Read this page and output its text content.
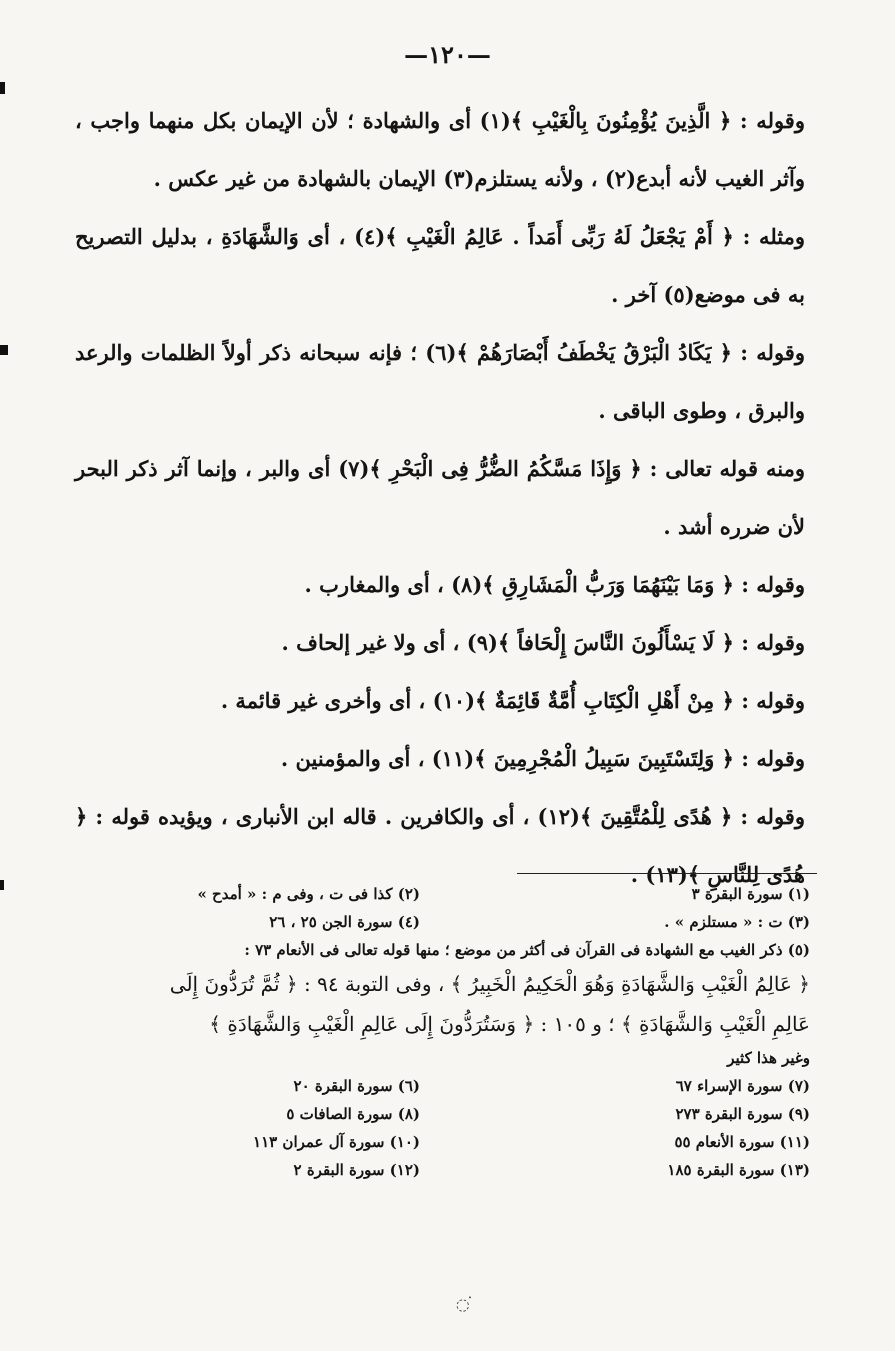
—١٢٠—

وقوله : ﴿ الَّذِينَ يُؤْمِنُونَ بِالْغَيْبِ ﴾(١) أى والشهادة ؛ لأن الإيمان بكل منهما واجب ، وآثر الغيب لأنه أبدع(٢) ، ولأنه يستلزم(٣) الإيمان بالشهادة من غير عكس .

ومثله : ﴿ أَمْ يَجْعَلُ لَهُ رَبِّى أَمَداً . عَالِمُ الْغَيْبِ ﴾(٤) ، أى وَالشَّهَادَةِ ، بدليل التصريح به فى موضع(٥) آخر .

وقوله : ﴿ يَكَادُ الْبَرْقُ يَخْطَفُ أَبْصَارَهُمْ ﴾(٦) ؛ فإنه سبحانه ذكر أولاً الظلمات والرعد والبرق ، وطوى الباقى .

ومنه قوله تعالى : ﴿ وَإِذَا مَسَّكُمُ الضُّرُّ فِى الْبَحْرِ ﴾(٧) أى والبر ، وإنما آثر ذكر البحر لأن ضرره أشد .

وقوله : ﴿ وَمَا بَيْنَهُمَا وَرَبُّ الْمَشَارِقِ ﴾(٨) ، أى والمغارب .

وقوله : ﴿ لَا يَسْأَلُونَ النَّاسَ إِلْحَافاً ﴾(٩) ، أى ولا غير إلحاف .

وقوله : ﴿ مِنْ أَهْلِ الْكِتَابِ أُمَّةٌ قَائِمَةٌ ﴾(١٠) ، أى وأخرى غير قائمة .

وقوله : ﴿ وَلِتَسْتَبِينَ سَبِيلُ الْمُجْرِمِينَ ﴾(١١) ، أى والمؤمنين .

وقوله : ﴿ هُدًى لِلْمُتَّقِينَ ﴾(١٢) ، أى والكافرين . قاله ابن الأنبارى ، ويؤيده قوله : ﴿ هُدًى لِلنَّاسِ ﴾(١٣) .

(١) سورة البقرة ٣
(٢) كذا فى ت ، وفى م : « أمدح »
(٣) ت : « مستلزم » .
(٤) سورة الجن ٢٥ ، ٢٦
(٥) ذكر الغيب مع الشهادة فى القرآن فى أكثر من موضع ؛ منها قوله تعالى فى الأنعام ٧٣ :
﴿ عَالِمُ الْغَيْبِ وَالشَّهَادَةِ وَهُوَ الْحَكِيمُ الْخَبِيرُ ﴾ ، وفى التوبة ٩٤ : ﴿ ثُمَّ تُرَدُّونَ إِلَى
عَالِمِ الْغَيْبِ وَالشَّهَادَةِ ﴾ ؛ و ١٠٥ : ﴿ وَسَتُرَدُّونَ إِلَى عَالِمِ الْغَيْبِ وَالشَّهَادَةِ ﴾
وغير هذا كثير
(٧) سورة الإسراء ٦٧
(٦) سورة البقرة ٢٠
(٩) سورة البقرة ٢٧٣
(٨) سورة الصافات ٥
(١١) سورة الأنعام ٥٥
(١٠) سورة آل عمران ١١٣
(١٣) سورة البقرة ١٨٥
(١٢) سورة البقرة ٢
◌ॱ
